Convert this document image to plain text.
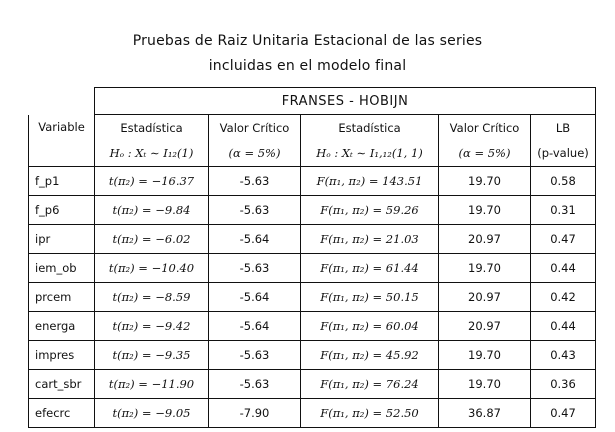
Pruebas de Raiz Unitaria Estacional de las series
incluidas en el modelo final
	FRANSES - HOBIJN				
Variable	Estadística	Valor Crítico	Estadística	Valor Crítico	LB
	Hₒ : Xₜ ∼ I₁₂(1)	(α = 5%)	Hₒ : Xₜ ∼ I₁,₁₂(1, 1)	(α = 5%)	(p-value)
f_p1	t(π₂) = −16.37	-5.63	F(π₁, π₂) = 143.51	19.70	0.58
f_p6	t(π₂) = −9.84	-5.63	F(π₁, π₂) = 59.26	19.70	0.31
ipr	t(π₂) = −6.02	-5.64	F(π₁, π₂) = 21.03	20.97	0.47
iem_ob	t(π₂) = −10.40	-5.63	F(π₁, π₂) = 61.44	19.70	0.44
prcem	t(π₂) = −8.59	-5.64	F(π₁, π₂) = 50.15	20.97	0.42
energa	t(π₂) = −9.42	-5.64	F(π₁, π₂) = 60.04	20.97	0.44
impres	t(π₂) = −9.35	-5.63	F(π₁, π₂) = 45.92	19.70	0.43
cart_sbr	t(π₂) = −11.90	-5.63	F(π₁, π₂) = 76.24	19.70	0.36
efecrc	t(π₂) = −9.05	-7.90	F(π₁, π₂) = 52.50	36.87	0.47
